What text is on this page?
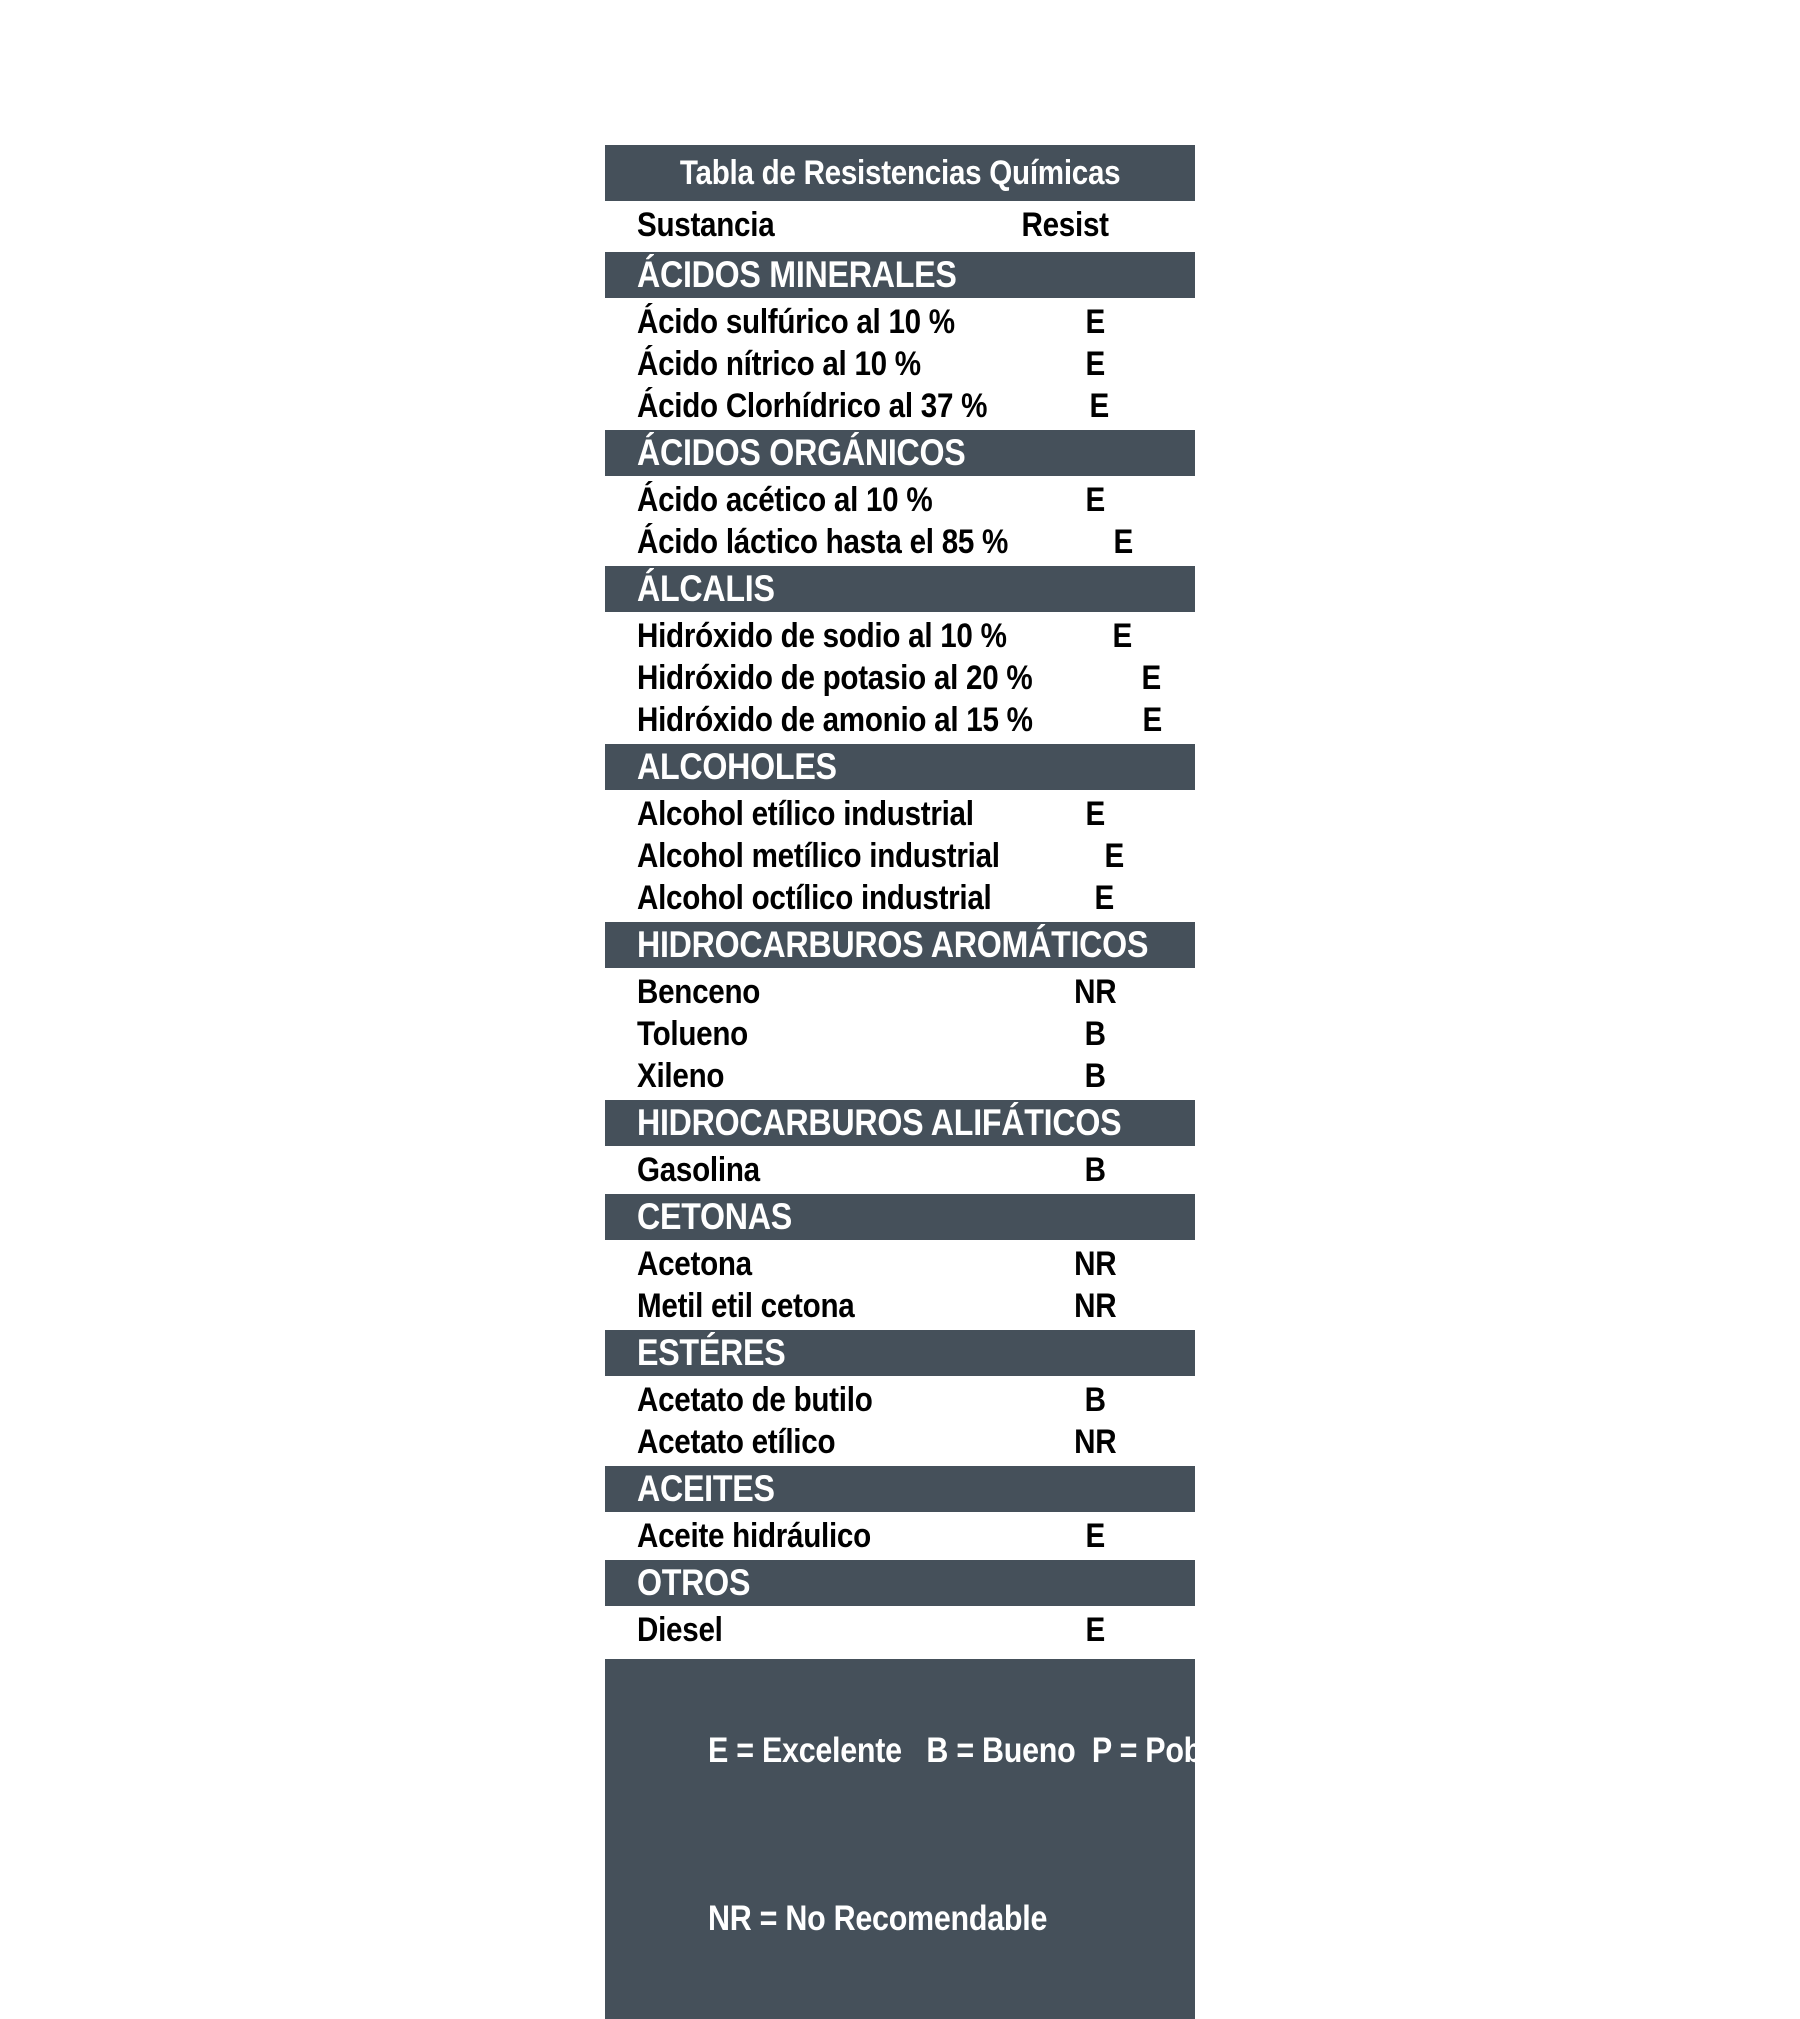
Tabla de Resistencias Químicas
Sustancia	Resist
ÁCIDOS MINERALES
Ácido sulfúrico al 10 %	E
Ácido nítrico al 10 %	E
Ácido Clorhídrico al 37 %	E
ÁCIDOS ORGÁNICOS
Ácido acético al 10 %	E
Ácido láctico hasta el 85 %	E
ÁLCALIS
Hidróxido de sodio al 10 %	E
Hidróxido de potasio al 20 %	E
Hidróxido de amonio al 15 %	E
ALCOHOLES
Alcohol etílico industrial	E
Alcohol metílico industrial	E
Alcohol octílico industrial	E
HIDROCARBUROS AROMÁTICOS
Benceno	NR
Tolueno	B
Xileno	B
HIDROCARBUROS ALIFÁTICOS
Gasolina	B
CETONAS
Acetona	NR
Metil etil cetona	NR
ESTÉRES
Acetato de butilo	B
Acetato etílico	NR
ACEITES
Aceite hidráulico	E
OTROS
Diesel	E

E = Excelente   B = Bueno  P = Pobre

NR = No Recomendable
